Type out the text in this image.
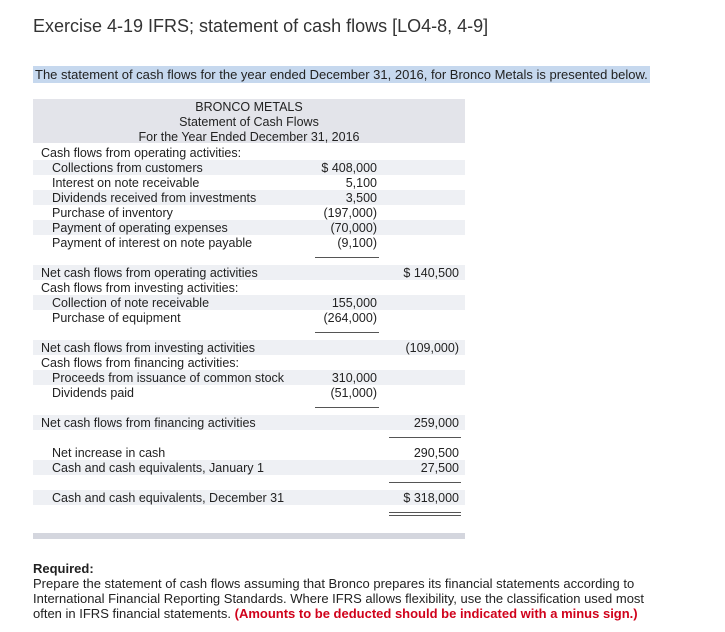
Exercise 4-19 IFRS; statement of cash flows [LO4-8, 4-9]
The statement of cash flows for the year ended December 31, 2016, for Bronco Metals is presented below.
BRONCO METALS
Statement of Cash Flows
For the Year Ended December 31, 2016
Cash flows from operating activities:
Collections from customers	$ 408,000
Interest on note receivable	5,100
Dividends received from investments	3,500
Purchase of inventory	(197,000)
Payment of operating expenses	(70,000)
Payment of interest on note payable	(9,100)
Net cash flows from operating activities	$ 140,500
Cash flows from investing activities:
Collection of note receivable	155,000
Purchase of equipment	(264,000)
Net cash flows from investing activities	(109,000)
Cash flows from financing activities:
Proceeds from issuance of common stock	310,000
Dividends paid	(51,000)
Net cash flows from financing activities	259,000
Net increase in cash	290,500
Cash and cash equivalents, January 1	27,500
Cash and cash equivalents, December 31	$ 318,000
Required:
Prepare the statement of cash flows assuming that Bronco prepares its financial statements according to International Financial Reporting Standards. Where IFRS allows flexibility, use the classification used most often in IFRS financial statements. (Amounts to be deducted should be indicated with a minus sign.)
